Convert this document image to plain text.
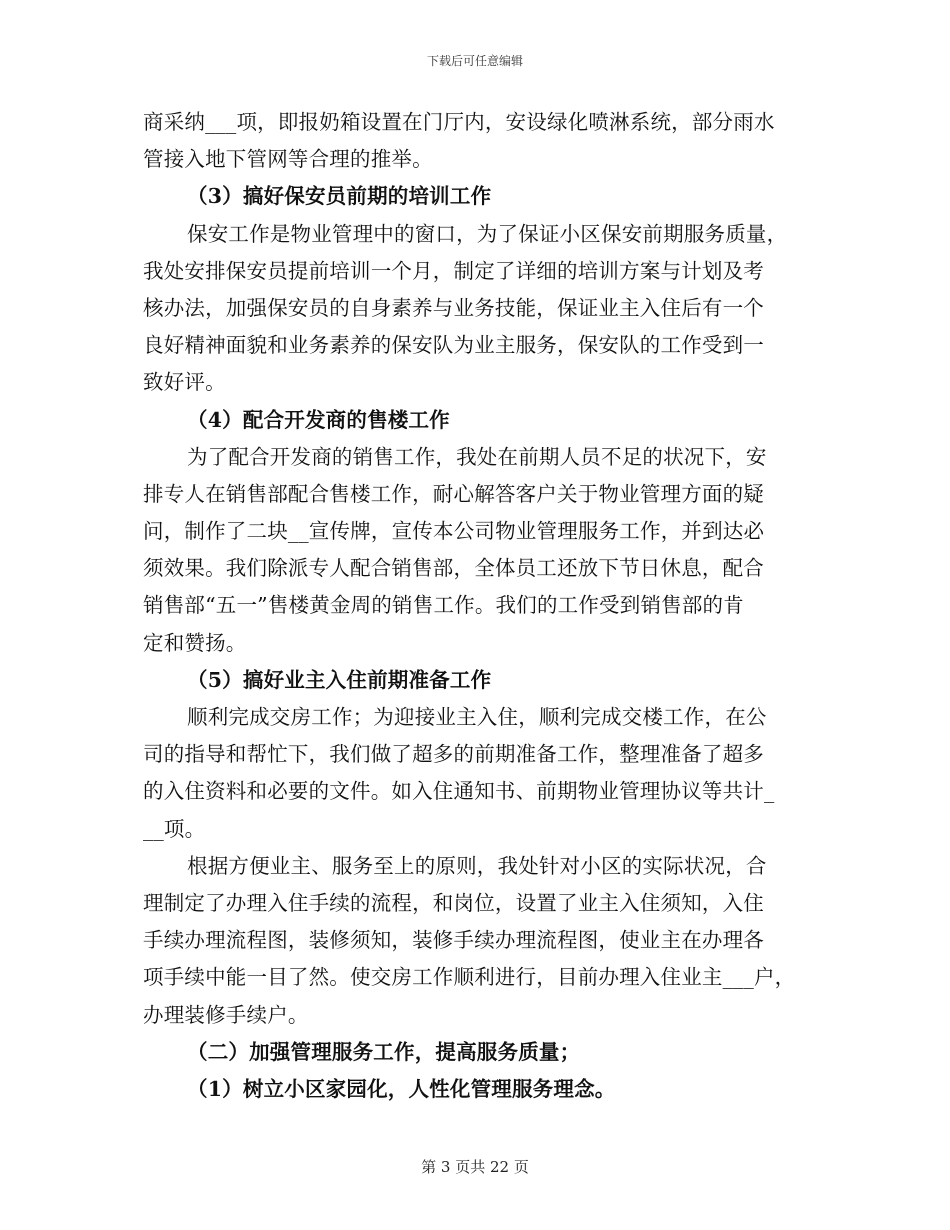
下载后可任意编辑
商采纳___项，即报奶箱设置在门厅内，安设绿化喷淋系统，部分雨水
管接入地下管网等合理的推举。
（3）搞好保安员前期的培训工作
保安工作是物业管理中的窗口，为了保证小区保安前期服务质量，
我处安排保安员提前培训一个月，制定了详细的培训方案与计划及考
核办法，加强保安员的自身素养与业务技能，保证业主入住后有一个
良好精神面貌和业务素养的保安队为业主服务，保安队的工作受到一
致好评。
（4）配合开发商的售楼工作
为了配合开发商的销售工作，我处在前期人员不足的状况下，安
排专人在销售部配合售楼工作，耐心解答客户关于物业管理方面的疑
问，制作了二块__宣传牌，宣传本公司物业管理服务工作，并到达必
须效果。我们除派专人配合销售部，全体员工还放下节日休息，配合
销售部“五一”售楼黄金周的销售工作。我们的工作受到销售部的肯
定和赞扬。
（5）搞好业主入住前期准备工作
顺利完成交房工作；为迎接业主入住，顺利完成交楼工作，在公
司的指导和帮忙下，我们做了超多的前期准备工作，整理准备了超多
的入住资料和必要的文件。如入住通知书、前期物业管理协议等共计_
__项。
根据方便业主、服务至上的原则，我处针对小区的实际状况，合
理制定了办理入住手续的流程，和岗位，设置了业主入住须知，入住
手续办理流程图，装修须知，装修手续办理流程图，使业主在办理各
项手续中能一目了然。使交房工作顺利进行，目前办理入住业主___户，
办理装修手续户。
（二）加强管理服务工作，提高服务质量；
（1）树立小区家园化，人性化管理服务理念。
第 3 页共 22 页
